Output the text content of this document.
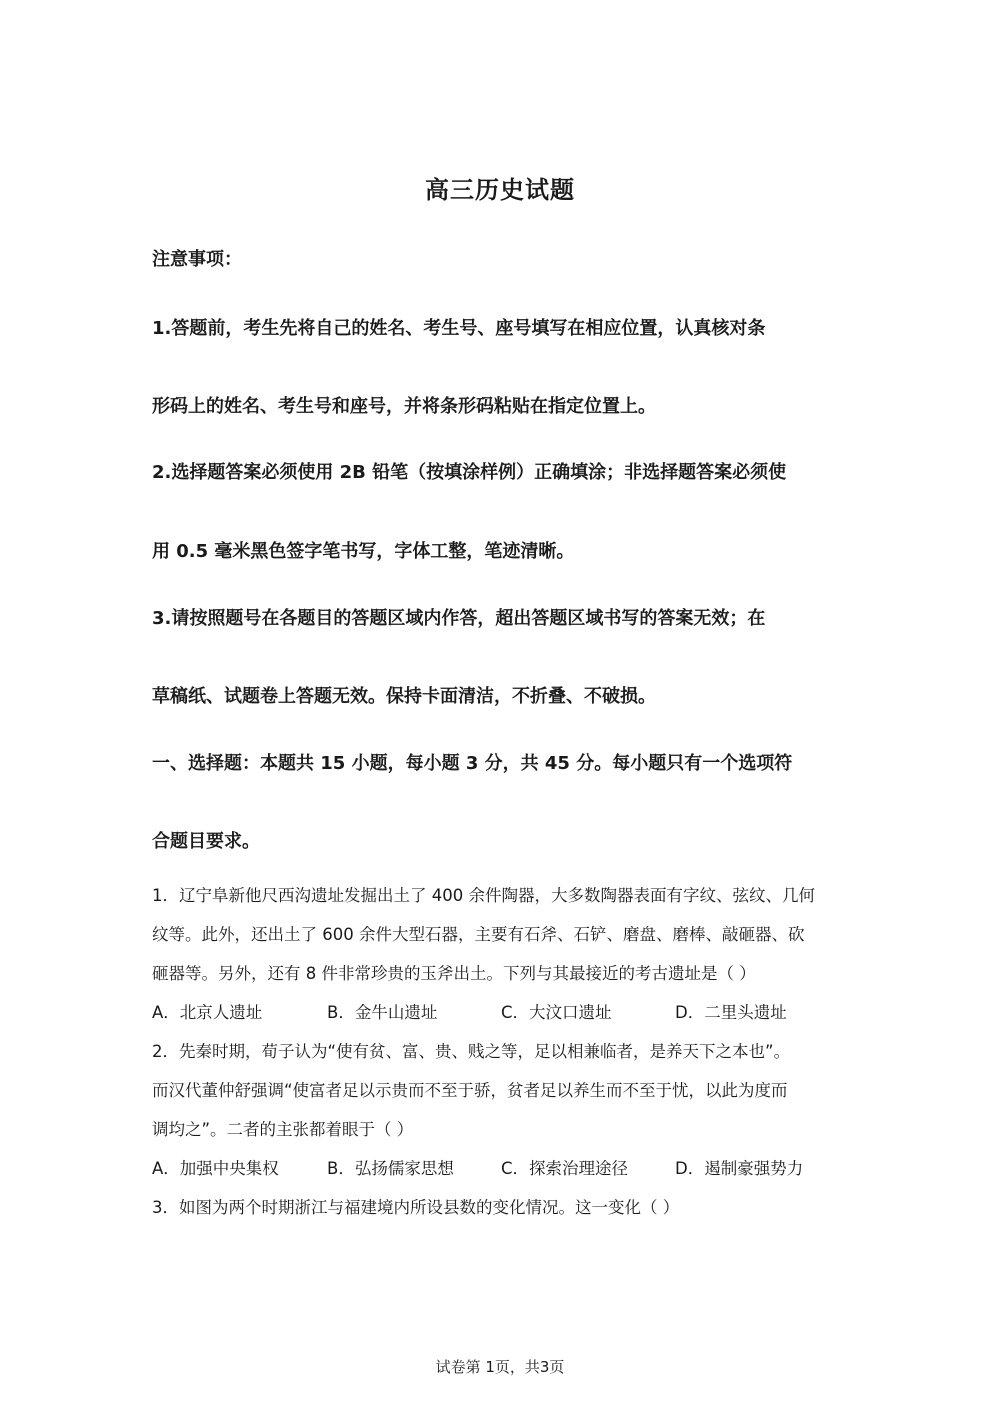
高三历史试题
注意事项：
1.答题前，考生先将自己的姓名、考生号、座号填写在相应位置，认真核对条
形码上的姓名、考生号和座号，并将条形码粘贴在指定位置上。
2.选择题答案必须使用 2B 铅笔（按填涂样例）正确填涂；非选择题答案必须使
用 0.5 毫米黑色签字笔书写，字体工整，笔迹清晰。
3.请按照题号在各题目的答题区域内作答，超出答题区域书写的答案无效；在
草稿纸、试题卷上答题无效。保持卡面清洁，不折叠、不破损。
一、选择题：本题共 15 小题，每小题 3 分，共 45 分。每小题只有一个选项符
合题目要求。
1．辽宁阜新他尺西沟遗址发掘出土了 400 余件陶器，大多数陶器表面有字纹、弦纹、几何
纹等。此外，还出土了 600 余件大型石器，主要有石斧、石铲、磨盘、磨棒、敲砸器、砍
砸器等。另外，还有 8 件非常珍贵的玉斧出土。下列与其最接近的考古遗址是（ ）
A．北京人遗址	B．金牛山遗址	C．大汶口遗址	D．二里头遗址
2．先秦时期，荀子认为“使有贫、富、贵、贱之等，足以相兼临者，是养天下之本也”。
而汉代董仲舒强调“使富者足以示贵而不至于骄，贫者足以养生而不至于忧，以此为度而
调均之”。二者的主张都着眼于（ ）
A．加强中央集权	B．弘扬儒家思想	C．探索治理途径	D．遏制豪强势力
3．如图为两个时期浙江与福建境内所设县数的变化情况。这一变化（ ）
试卷第 1页，共3页
